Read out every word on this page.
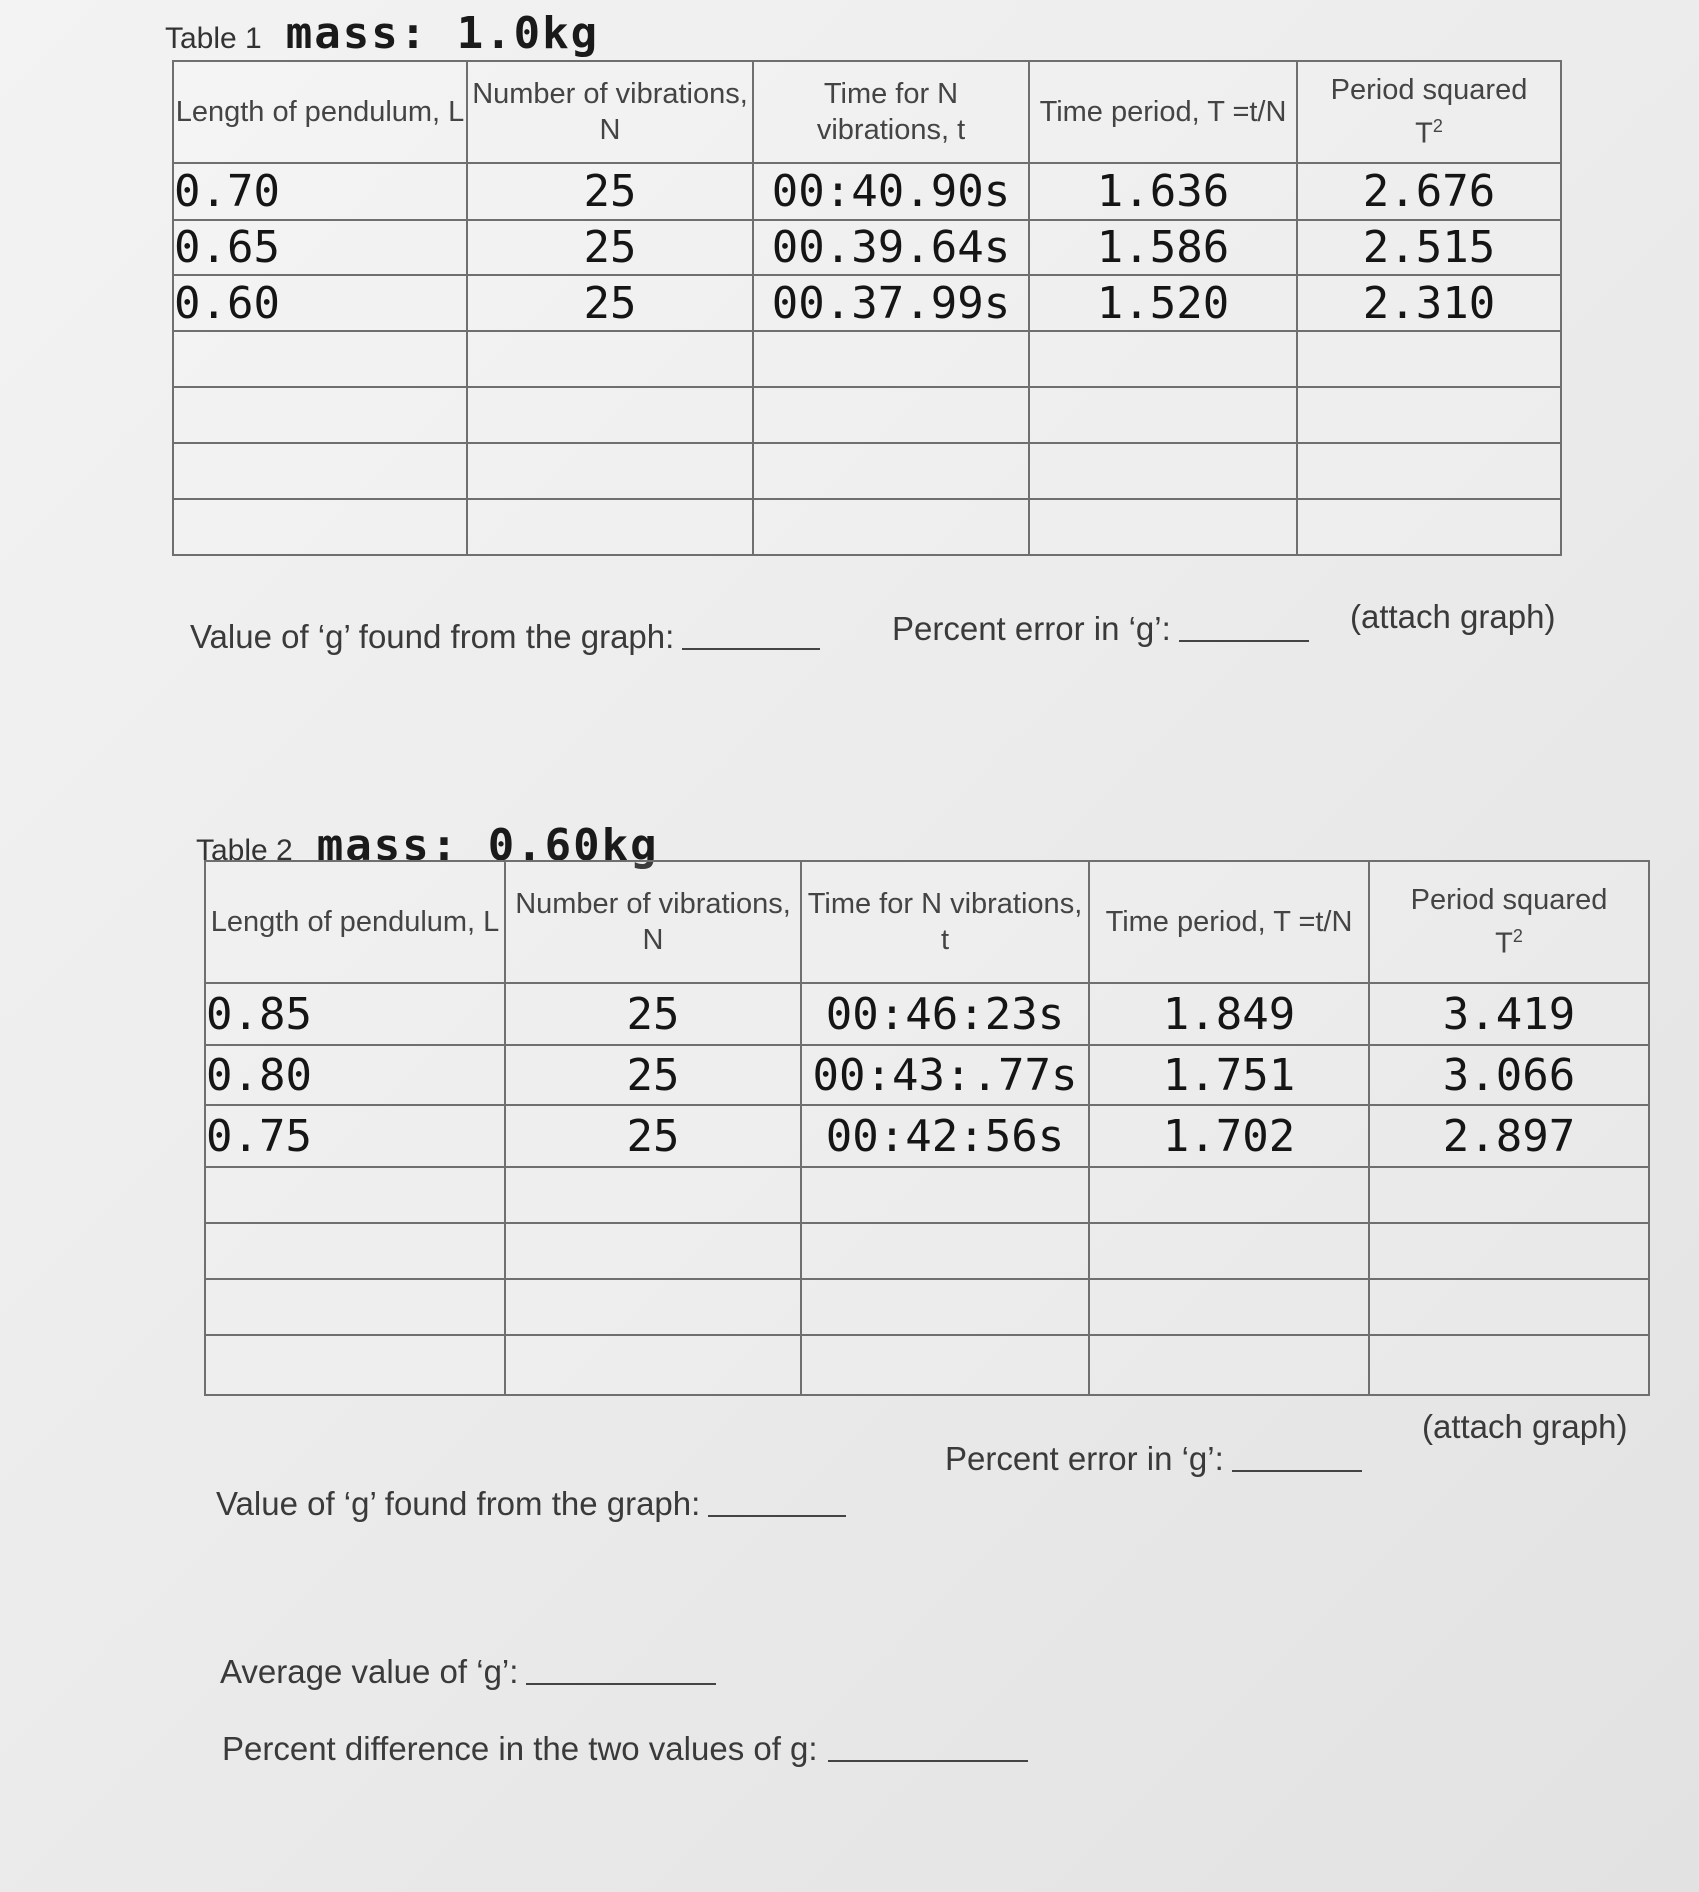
Table 1 mass: 1.0kg
Length of pendulum, L	Number of vibrations, N	Time for N vibrations, t	Time period, T =t/N	Period squared
$T^2$
0.70	25	00:40.90s	1.636	2.676
0.65	25	00.39.64s	1.586	2.515
0.60	25	00.37.99s	1.520	2.310

Value of ‘g’ found from the graph:	Percent error in ‘g’:	(attach graph)
Table 2 mass: 0.60kg
Length of pendulum, L	Number of vibrations, N	Time for N vibrations, t	Time period, T =t/N	Period squared
$T^2$
0.85	25	00:46:23s	1.849	3.419
0.80	25	00:43:.77s	1.751	3.066
0.75	25	00:42:56s	1.702	2.897

Value of ‘g’ found from the graph:
Percent error in ‘g’:
(attach graph)
Average value of ‘g’:
Percent difference in the two values of g:
